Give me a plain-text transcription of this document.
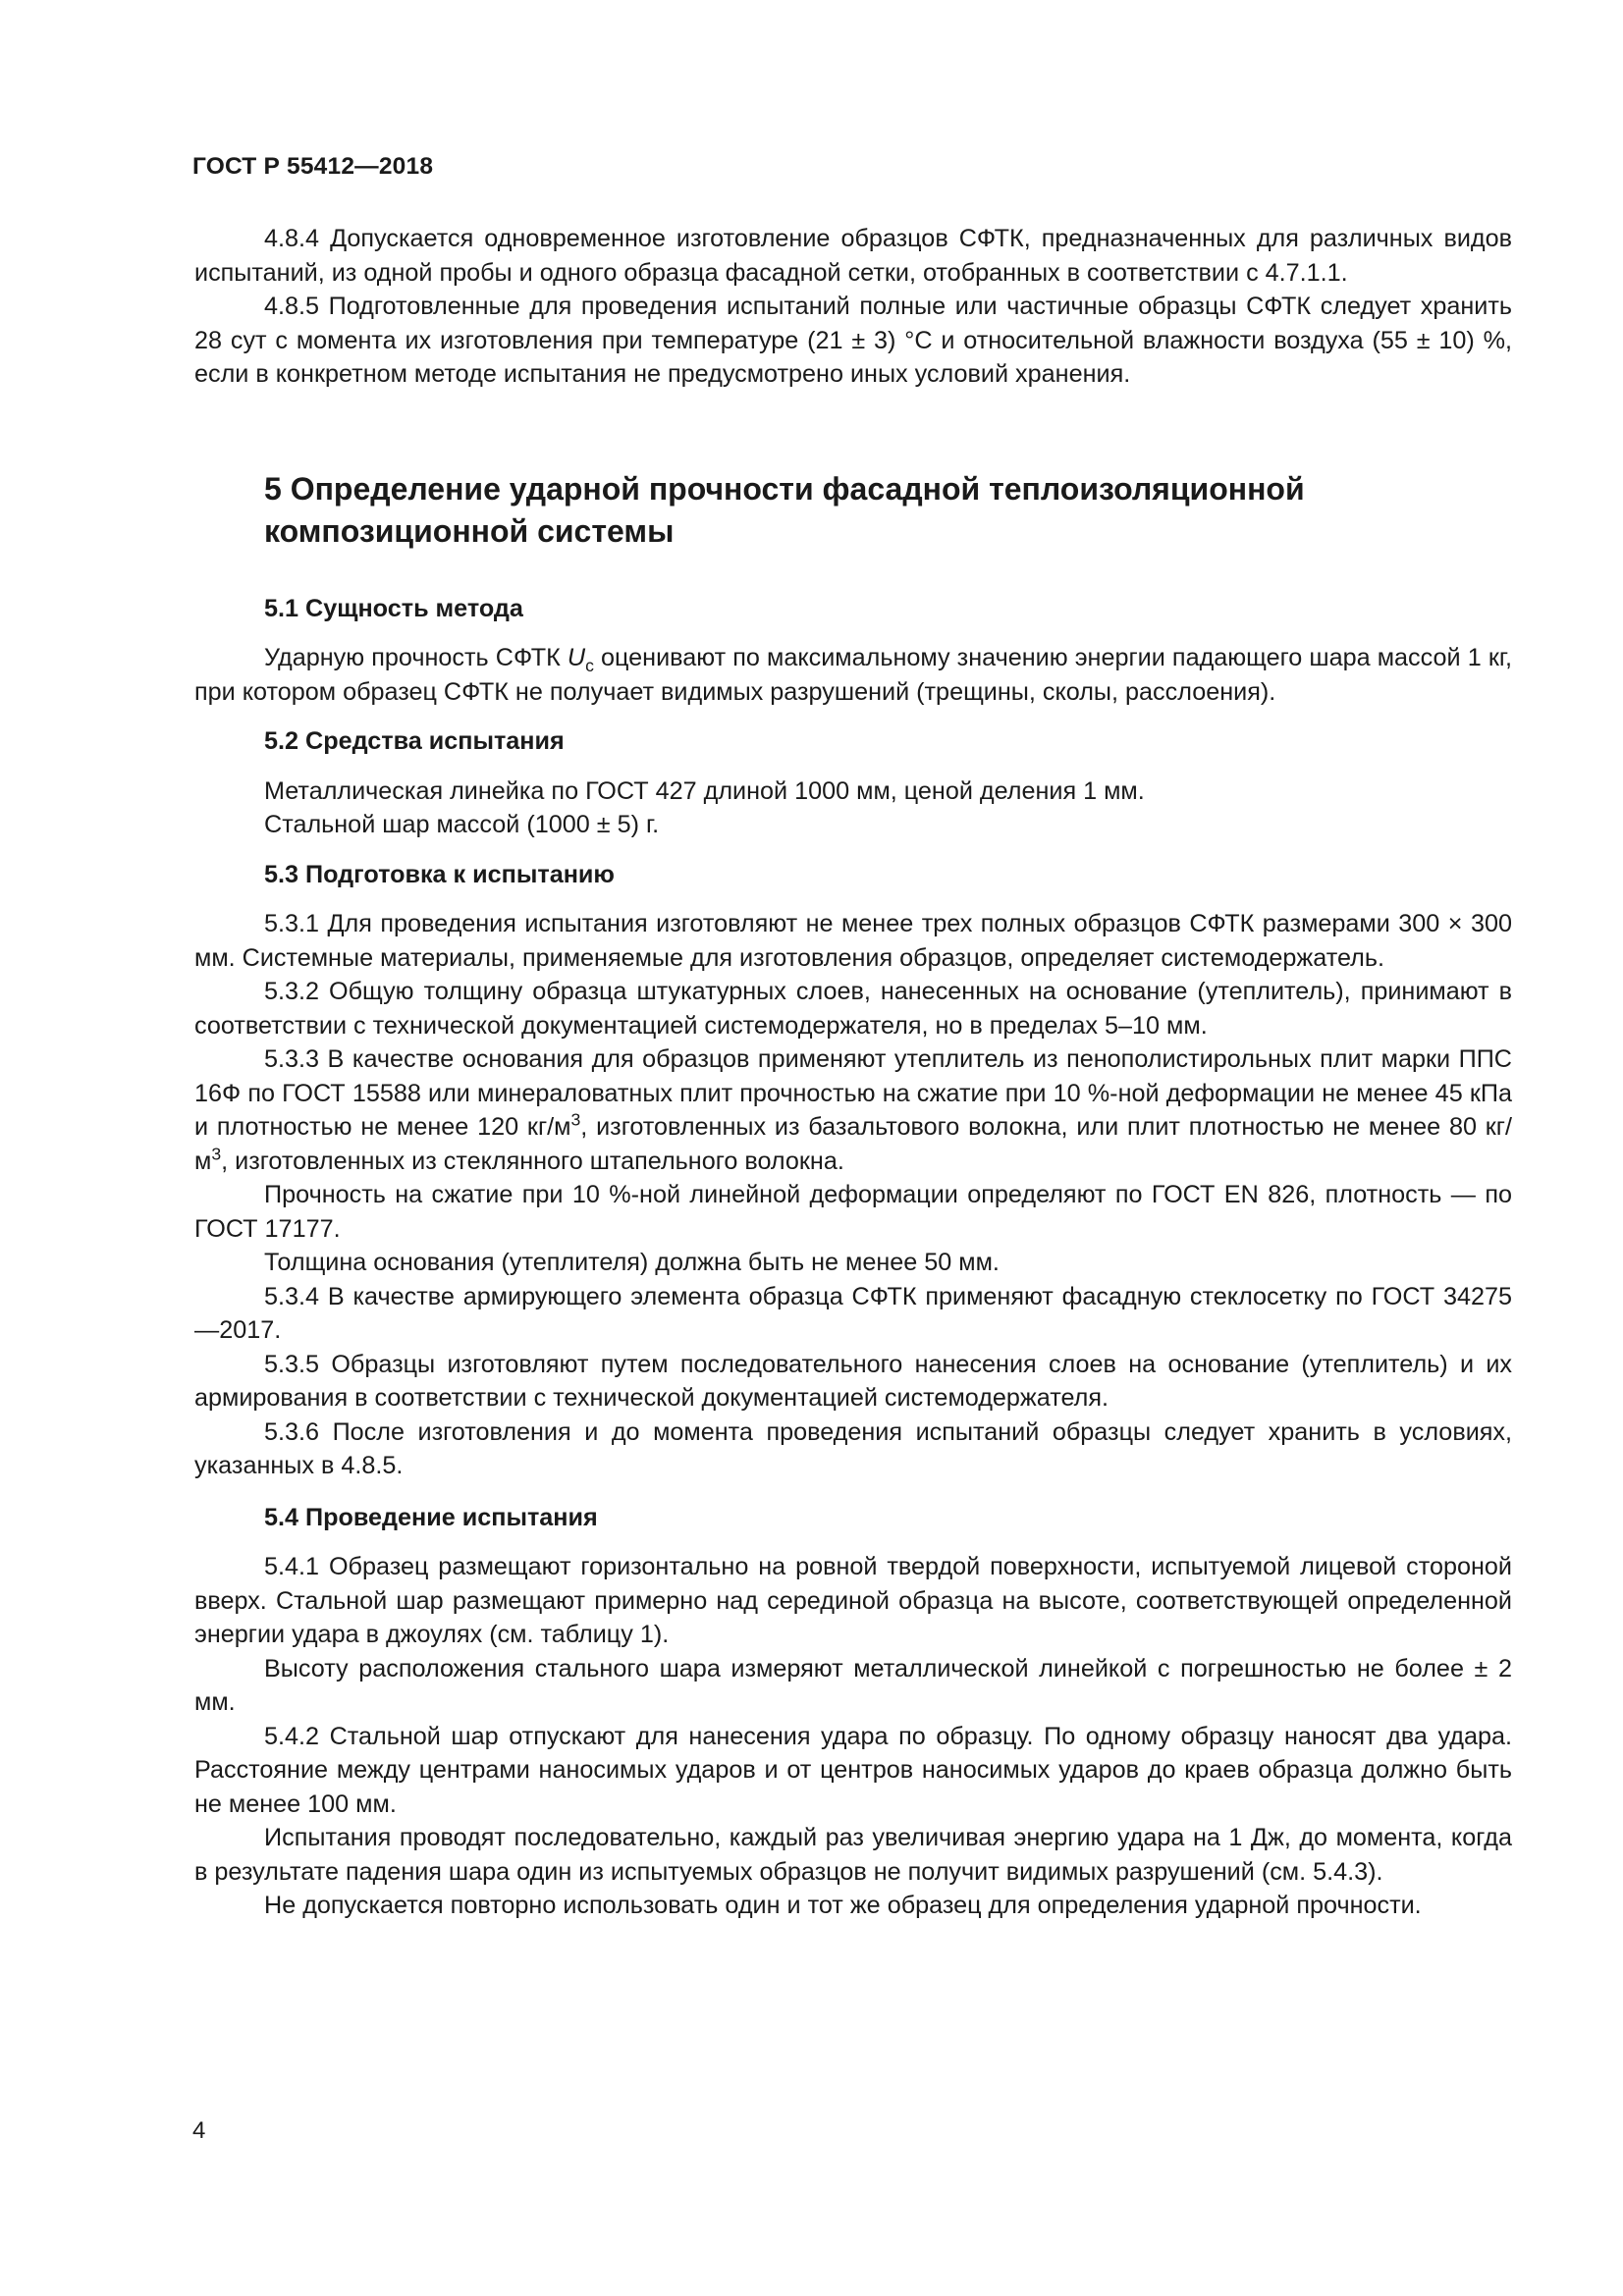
ГОСТ Р 55412—2018

4.8.4 Допускается одновременное изготовление образцов СФТК, предназначенных для различных видов испытаний, из одной пробы и одного образца фасадной сетки, отобранных в соответствии с 4.7.1.1.

4.8.5 Подготовленные для проведения испытаний полные или частичные образцы СФТК следует хранить 28 сут с момента их изготовления при температуре (21 ± 3) °С и относительной влажности воздуха (55 ± 10) %, если в конкретном методе испытания не предусмотрено иных условий хранения.

5 Определение ударной прочности фасадной теплоизоляционной
композиционной системы
5.1 Сущность метода

Ударную прочность СФТК $U_c$ оценивают по максимальному значению энергии падающего шара массой 1 кг, при котором образец СФТК не получает видимых разрушений (трещины, сколы, расслоения).

5.2 Средства испытания

Металлическая линейка по ГОСТ 427 длиной 1000 мм, ценой деления 1 мм.

Стальной шар массой (1000 ± 5) г.

5.3 Подготовка к испытанию

5.3.1 Для проведения испытания изготовляют не менее трех полных образцов СФТК размерами 300 × 300 мм. Системные материалы, применяемые для изготовления образцов, определяет системодержатель.

5.3.2 Общую толщину образца штукатурных слоев, нанесенных на основание (утеплитель), принимают в соответствии с технической документацией системодержателя, но в пределах 5–10 мм.

5.3.3 В качестве основания для образцов применяют утеплитель из пенополистирольных плит марки ППС 16Ф по ГОСТ 15588 или минераловатных плит прочностью на сжатие при 10 %-ной деформации не менее 45 кПа и плотностью не менее 120 $кг/м^3$, изготовленных из базальтового волокна, или плит плотностью не менее 80 $кг/м^3$, изготовленных из стеклянного штапельного волокна.

Прочность на сжатие при 10 %-ной линейной деформации определяют по ГОСТ EN 826, плотность — по ГОСТ 17177.

Толщина основания (утеплителя) должна быть не менее 50 мм.

5.3.4 В качестве армирующего элемента образца СФТК применяют фасадную стеклосетку по ГОСТ 34275—2017.

5.3.5 Образцы изготовляют путем последовательного нанесения слоев на основание (утеплитель) и их армирования в соответствии с технической документацией системодержателя.

5.3.6 После изготовления и до момента проведения испытаний образцы следует хранить в условиях, указанных в 4.8.5.

5.4 Проведение испытания

5.4.1 Образец размещают горизонтально на ровной твердой поверхности, испытуемой лицевой стороной вверх. Стальной шар размещают примерно над серединой образца на высоте, соответствующей определенной энергии удара в джоулях (см. таблицу 1).

Высоту расположения стального шара измеряют металлической линейкой с погрешностью не более ± 2 мм.

5.4.2 Стальной шар отпускают для нанесения удара по образцу. По одному образцу наносят два удара. Расстояние между центрами наносимых ударов и от центров наносимых ударов до краев образца должно быть не менее 100 мм.

Испытания проводят последовательно, каждый раз увеличивая энергию удара на 1 Дж, до момента, когда в результате падения шара один из испытуемых образцов не получит видимых разрушений (см. 5.4.3).

Не допускается повторно использовать один и тот же образец для определения ударной прочности.

4
